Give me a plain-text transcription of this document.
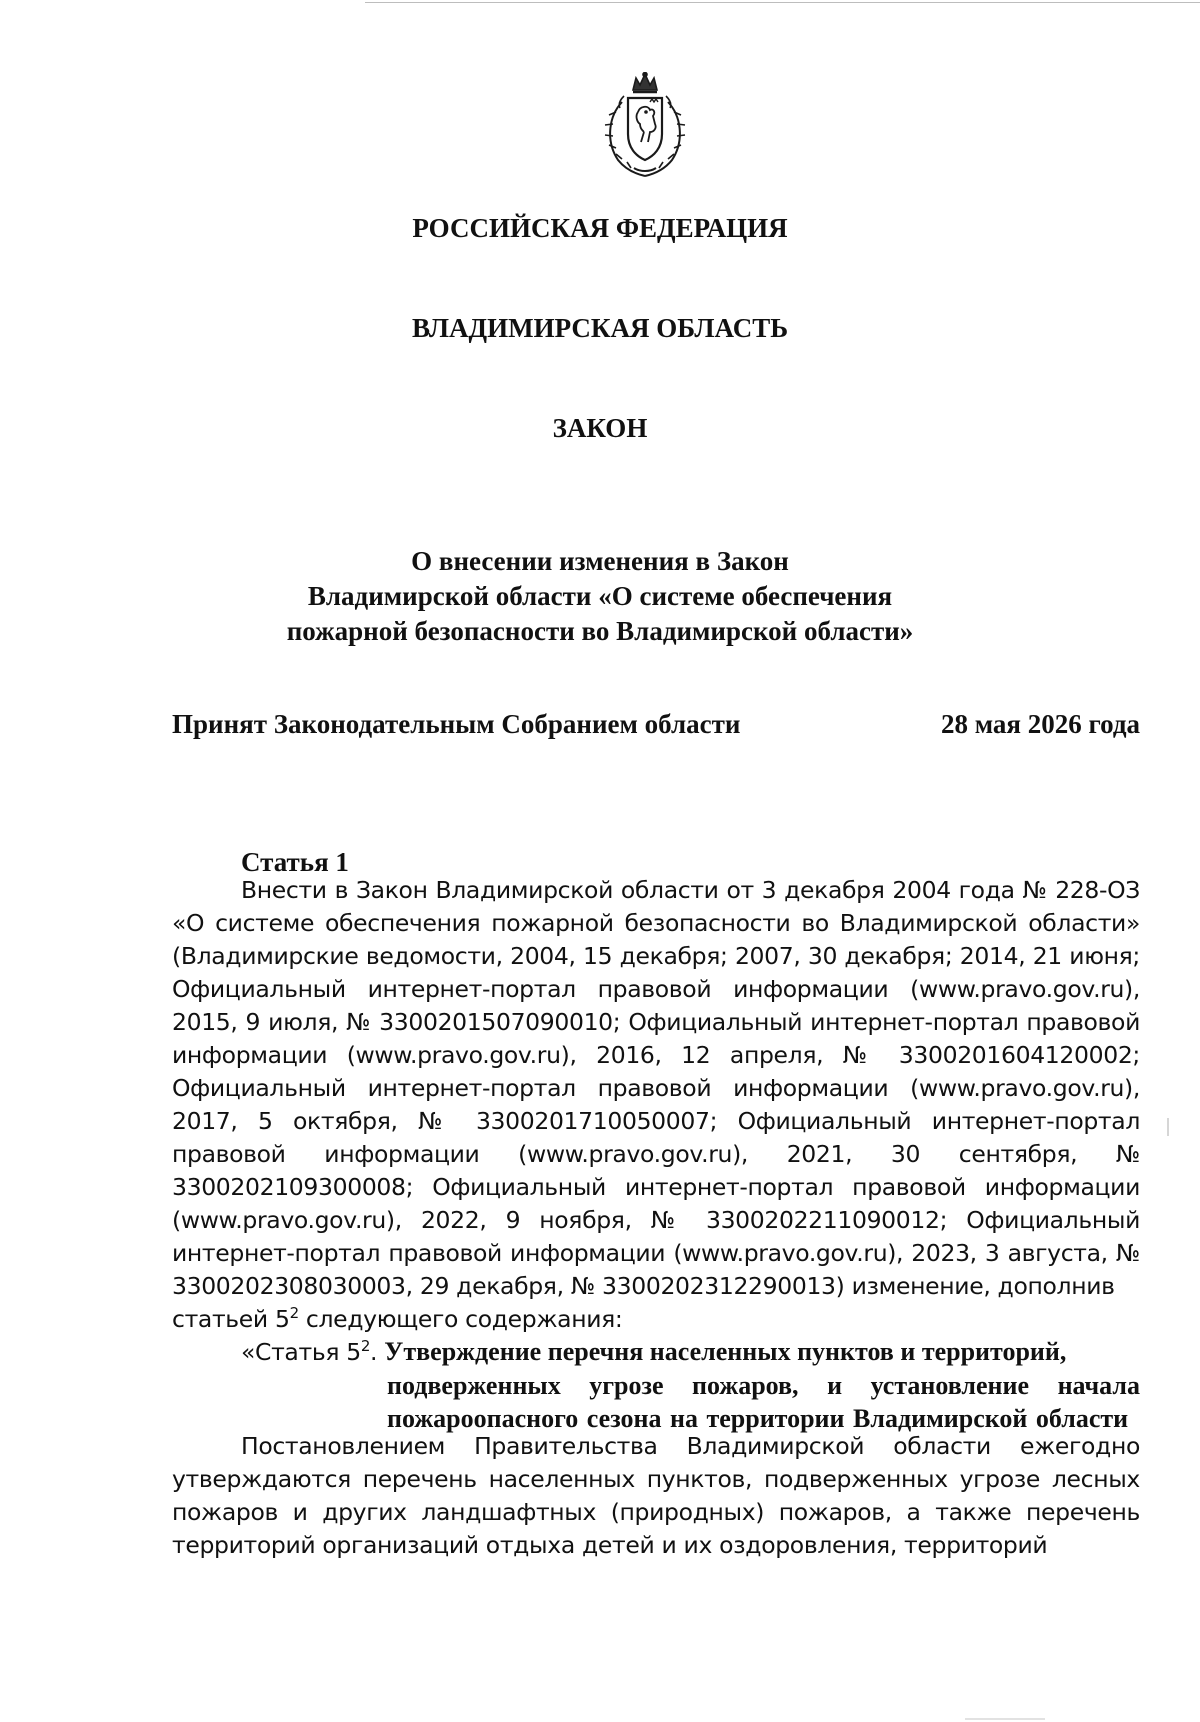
РОССИЙСКАЯ ФЕДЕРАЦИЯ
ВЛАДИМИРСКАЯ ОБЛАСТЬ
ЗАКОН
О внесении изменения в Закон
Владимирской области «О системе обеспечения
пожарной безопасности во Владимирской области»
Принят Законодательным Собранием области	28 мая 2026 года
Статья 1
Внести в Закон Владимирской области от 3 декабря 2004 года № 228-ОЗ «О системе обеспечения пожарной безопасности во Владимирской области» (Владимирские ведомости, 2004, 15 декабря; 2007, 30 декабря; 2014, 21 июня; Официальный интернет-портал правовой информации (www.pravo.gov.ru), 2015, 9 июля, № 3300201507090010; Официальный интернет-портал правовой информации (www.pravo.gov.ru), 2016, 12 апреля, № 3300201604120002; Официальный интернет-портал правовой информации (www.pravo.gov.ru), 2017, 5 октября, № 3300201710050007; Официальный интернет-портал правовой информации (www.pravo.gov.ru), 2021, 30 сентября, № 3300202109300008; Официальный интернет-портал правовой информации (www.pravo.gov.ru), 2022, 9 ноября, № 3300202211090012; Официальный интернет-портал правовой информации (www.pravo.gov.ru), 2023, 3 августа, № 3300202308030003, 29 декабря, № 3300202312290013) изменение, дополнив
статьей $5^2$ следующего содержания:
«Статья $5^2$. Утверждение перечня населенных пунктов и территорий,
подверженных угрозе пожаров, и установление начала пожароопасного сезона на территории Владимирской области
Постановлением Правительства Владимирской области ежегодно утверждаются перечень населенных пунктов, подверженных угрозе лесных пожаров и других ландшафтных (природных) пожаров, а также перечень территорий организаций отдыха детей и их оздоровления, территорий
